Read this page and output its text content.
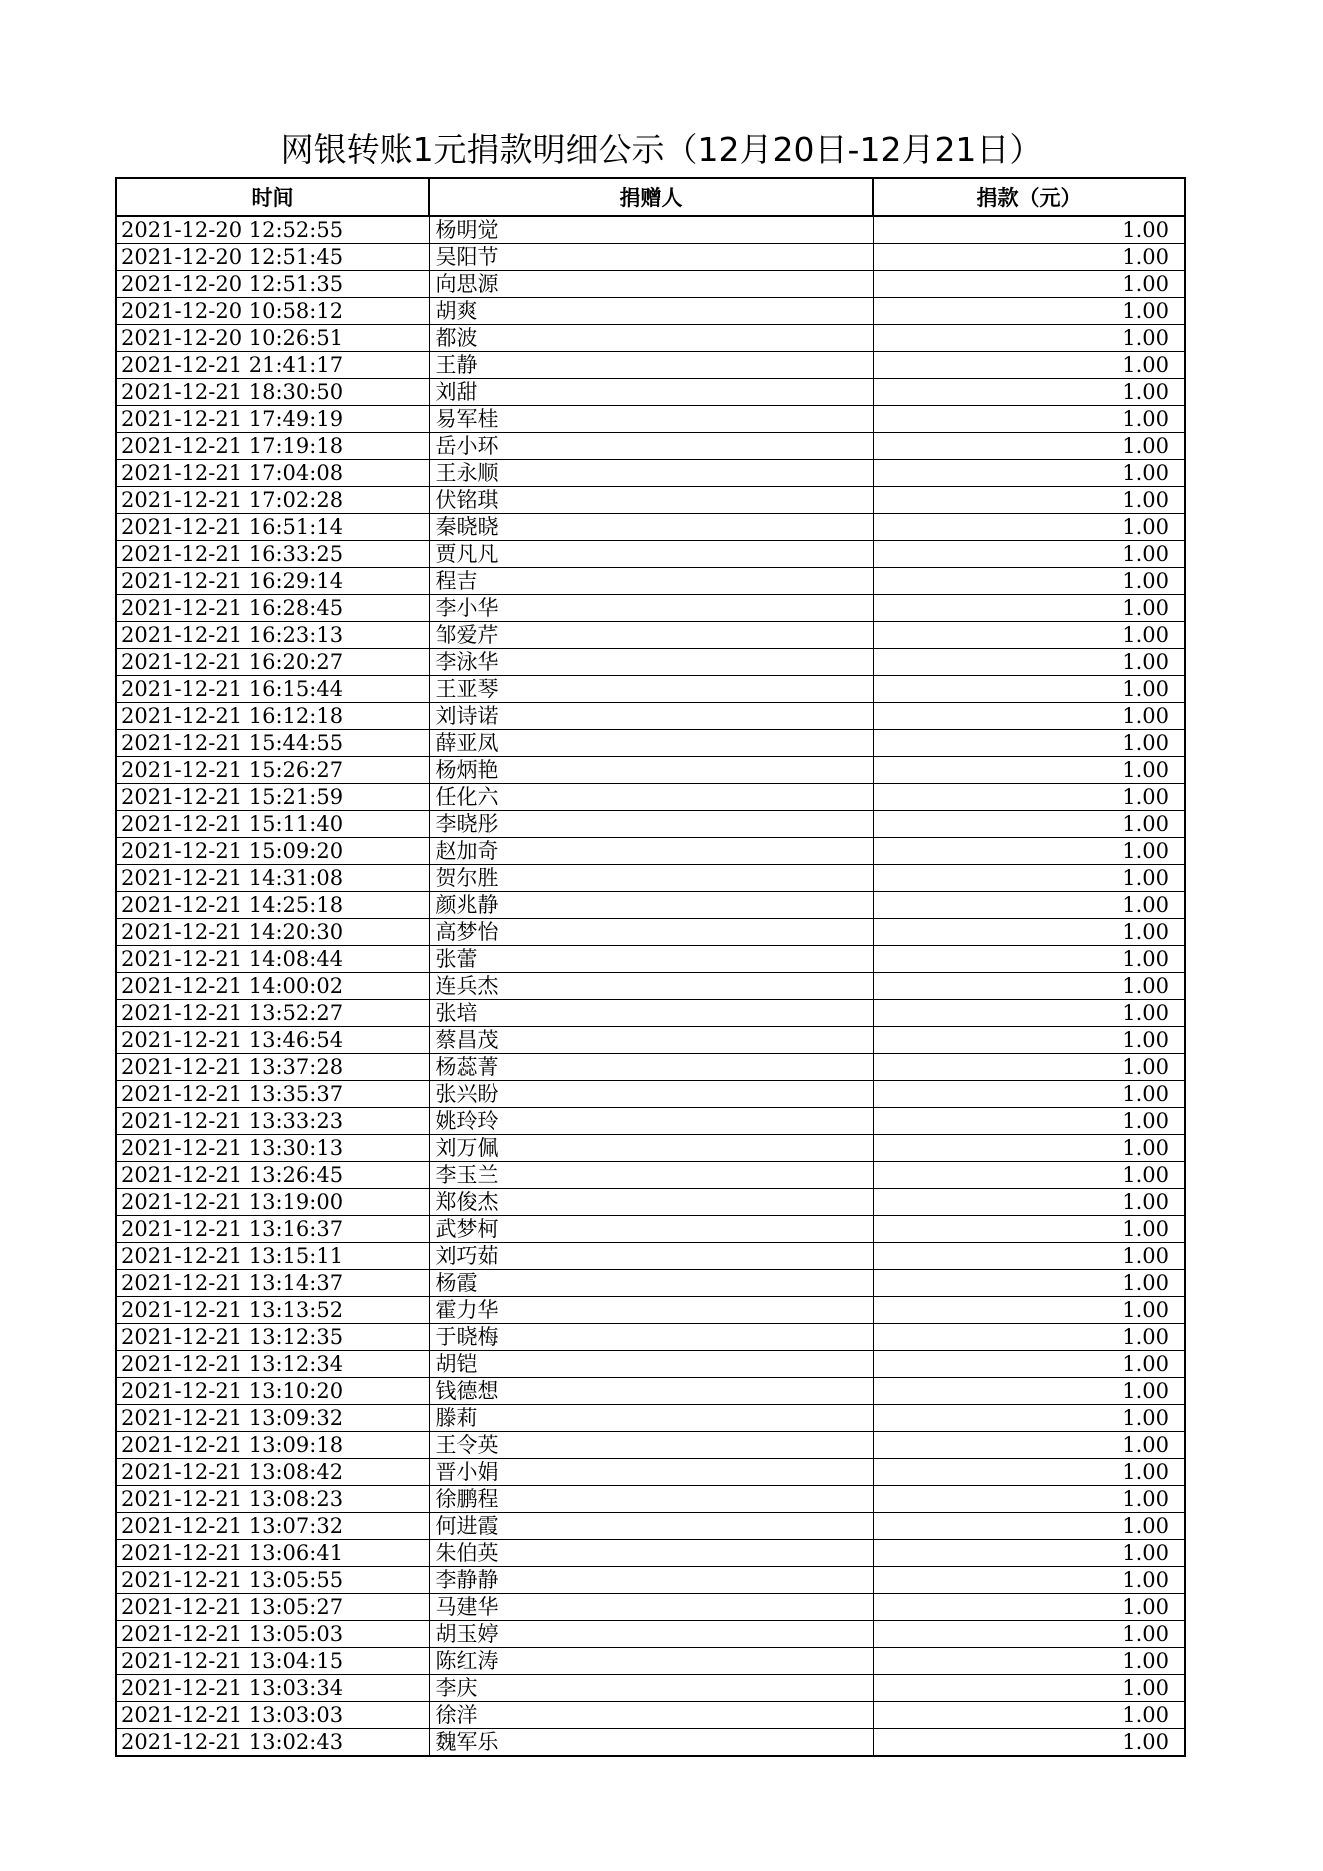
网银转账1元捐款明细公示（12月20日-12月21日）
时间	捐赠人	捐款（元）
2021-12-20 12:52:55	杨明觉	1.00
2021-12-20 12:51:45	吴阳节	1.00
2021-12-20 12:51:35	向思源	1.00
2021-12-20 10:58:12	胡爽	1.00
2021-12-20 10:26:51	都波	1.00
2021-12-21 21:41:17	王静	1.00
2021-12-21 18:30:50	刘甜	1.00
2021-12-21 17:49:19	易军桂	1.00
2021-12-21 17:19:18	岳小环	1.00
2021-12-21 17:04:08	王永顺	1.00
2021-12-21 17:02:28	伏铭琪	1.00
2021-12-21 16:51:14	秦晓晓	1.00
2021-12-21 16:33:25	贾凡凡	1.00
2021-12-21 16:29:14	程吉	1.00
2021-12-21 16:28:45	李小华	1.00
2021-12-21 16:23:13	邹爱芹	1.00
2021-12-21 16:20:27	李泳华	1.00
2021-12-21 16:15:44	王亚琴	1.00
2021-12-21 16:12:18	刘诗诺	1.00
2021-12-21 15:44:55	薛亚凤	1.00
2021-12-21 15:26:27	杨炳艳	1.00
2021-12-21 15:21:59	任化六	1.00
2021-12-21 15:11:40	李晓彤	1.00
2021-12-21 15:09:20	赵加奇	1.00
2021-12-21 14:31:08	贺尔胜	1.00
2021-12-21 14:25:18	颜兆静	1.00
2021-12-21 14:20:30	高梦怡	1.00
2021-12-21 14:08:44	张蕾	1.00
2021-12-21 14:00:02	连兵杰	1.00
2021-12-21 13:52:27	张培	1.00
2021-12-21 13:46:54	蔡昌茂	1.00
2021-12-21 13:37:28	杨蕊菁	1.00
2021-12-21 13:35:37	张兴盼	1.00
2021-12-21 13:33:23	姚玲玲	1.00
2021-12-21 13:30:13	刘万佩	1.00
2021-12-21 13:26:45	李玉兰	1.00
2021-12-21 13:19:00	郑俊杰	1.00
2021-12-21 13:16:37	武梦柯	1.00
2021-12-21 13:15:11	刘巧茹	1.00
2021-12-21 13:14:37	杨霞	1.00
2021-12-21 13:13:52	霍力华	1.00
2021-12-21 13:12:35	于晓梅	1.00
2021-12-21 13:12:34	胡铠	1.00
2021-12-21 13:10:20	钱德想	1.00
2021-12-21 13:09:32	滕莉	1.00
2021-12-21 13:09:18	王令英	1.00
2021-12-21 13:08:42	晋小娟	1.00
2021-12-21 13:08:23	徐鹏程	1.00
2021-12-21 13:07:32	何进霞	1.00
2021-12-21 13:06:41	朱伯英	1.00
2021-12-21 13:05:55	李静静	1.00
2021-12-21 13:05:27	马建华	1.00
2021-12-21 13:05:03	胡玉婷	1.00
2021-12-21 13:04:15	陈红涛	1.00
2021-12-21 13:03:34	李庆	1.00
2021-12-21 13:03:03	徐洋	1.00
2021-12-21 13:02:43	魏军乐	1.00
